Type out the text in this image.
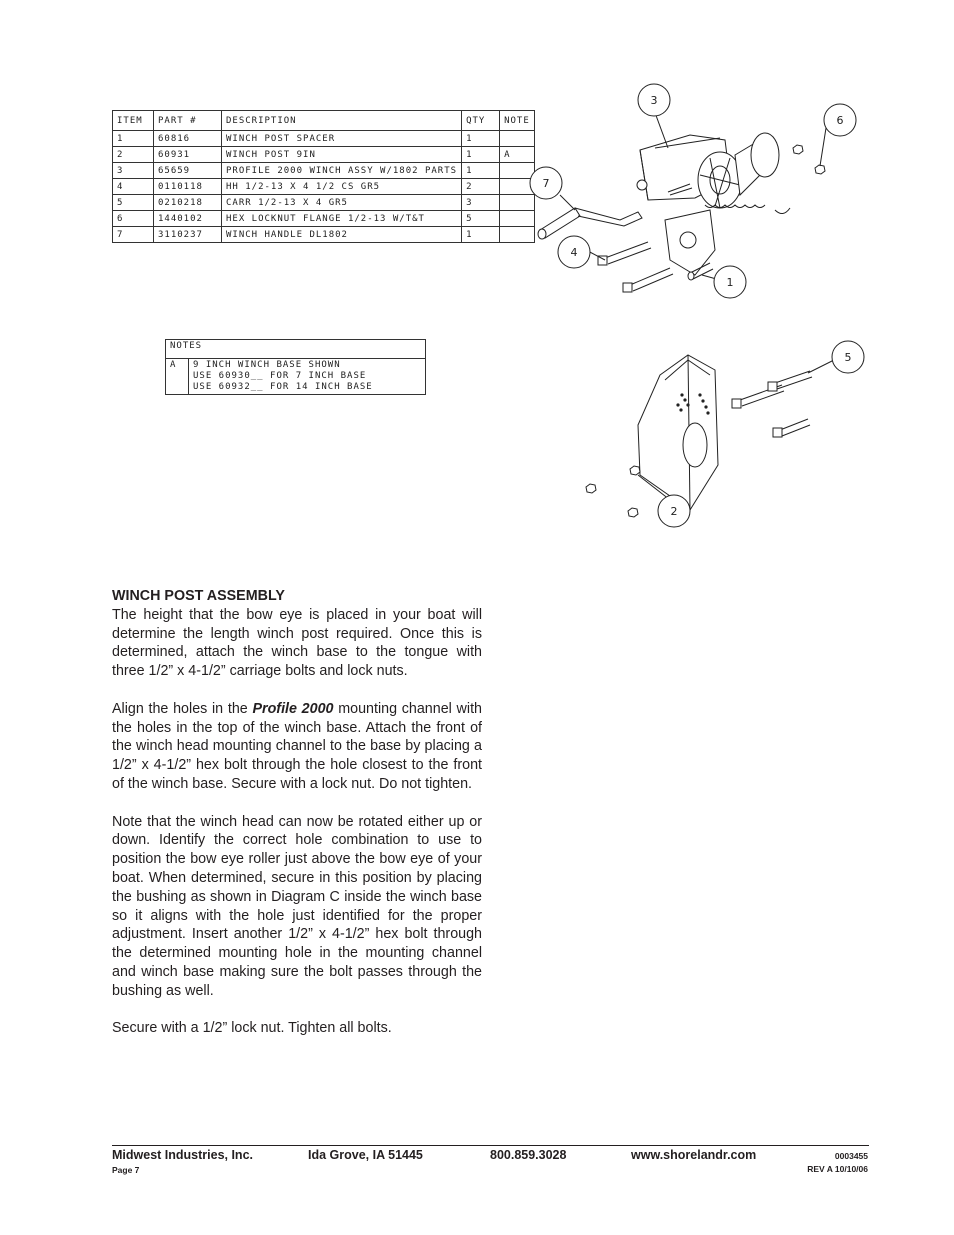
ITEM	PART #	DESCRIPTION	QTY	NOTE
1	60816	WINCH POST SPACER	1	
2	60931	WINCH POST 9IN	1	A
3	65659	PROFILE 2000 WINCH ASSY W/1802 PARTS	1	
4	0110118	HH 1/2-13 X 4 1/2 CS GR5	2	
5	0210218	CARR 1/2-13 X 4 GR5	3	
6	1440102	HEX LOCKNUT FLANGE 1/2-13 W/T&T	5	
7	3110237	WINCH HANDLE DL1802	1	
NOTES
A	9 INCH WINCH BASE SHOWN
USE 60930__ FOR 7 INCH BASE
USE 60932__ FOR 14 INCH BASE
3
6
7
4
1
5
2
WINCH POST ASSEMBLY

The height that the bow eye is placed in your boat will determine the length winch post required. Once this is determined, attach the winch base to the tongue with three 1/2” x 4-1/2” carriage bolts and lock nuts.

Align the holes in the Profile 2000 mounting channel with the holes in the top of the winch base. Attach the front of the winch head mounting channel to the base by placing a 1/2” x 4-1/2” hex bolt through the hole closest to the front of the winch base. Secure with a lock nut. Do not tighten.

Note that the winch head can now be rotated either up or down. Identify the correct hole combination to use to position the bow eye roller just above the bow eye of your boat. When determined, secure in this position by placing the bushing as shown in Diagram C inside the winch base so it aligns with the hole just identified for the proper adjustment. Insert another 1/2” x 4-1/2” hex bolt through the determined mounting hole in the mounting channel and winch base making sure the bolt passes through the bushing as well.

Secure with a 1/2” lock nut. Tighten all bolts.

Midwest Industries, Inc.	Ida Grove, IA 51445	800.859.3028	www.shorelandr.com
Page 7
0003455
REV A 10/10/06
